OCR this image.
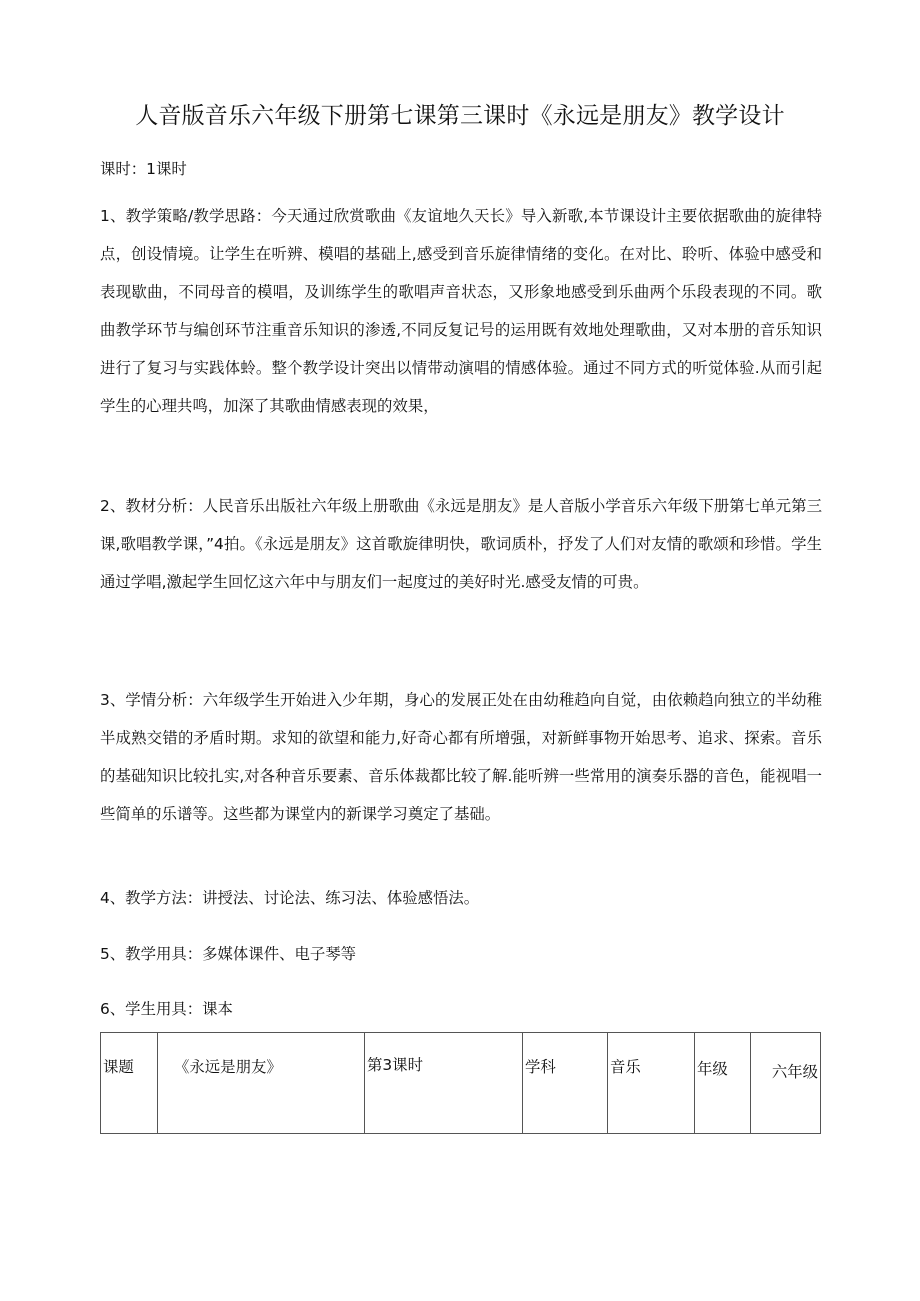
人音版音乐六年级下册第七课第三课时《永远是朋友》教学设计
课时：1课时

1、教学策略/教学思路：今天通过欣赏歌曲《友谊地久天长》导入新歌,本节课设计主要依据歌曲的旋律特点，创设情境。让学生在听辨、模唱的基础上,感受到音乐旋律情绪的变化。在对比、聆听、体验中感受和表现歇曲，不同母音的模唱，及训练学生的歌唱声音状态，又形象地感受到乐曲两个乐段表现的不同。歌曲教学环节与编创环节注重音乐知识的渗透,不同反复记号的运用既有效地处理歌曲，又对本册的音乐知识进行了复习与实践体蛉。整个教学设计突出以情带动演唱的情感体验。通过不同方式的听觉体验.从而引起学生的心理共鸣，加深了其歌曲情感表现的效果，

2、教材分析：人民音乐出版社六年级上册歌曲《永远是朋友》是人音版小学音乐六年级下册第七单元第三课,歌唱教学课，”4拍。《永远是朋友》这首歌旋律明快，歌词质朴，抒发了人们对友情的歌颂和珍惜。学生通过学唱,激起学生回忆这六年中与朋友们一起度过的美好时光.感受友情的可贵。

3、学情分析：六年级学生开始进入少年期，身心的发展正处在由幼稚趋向自觉，由依赖趋向独立的半幼稚半成熟交错的矛盾时期。求知的欲望和能力,好奇心都有所增强，对新鲜事物开始思考、追求、探索。音乐的基础知识比较扎实,对各种音乐要素、音乐体裁都比较了解.能听辨一些常用的演奏乐器的音色，能视唱一些简单的乐谱等。这些都为课堂内的新课学习奠定了基础。

4、教学方法：讲授法、讨论法、练习法、体验感悟法。
5、教学用具：多媒体课件、电子琴等
6、学生用具：课本
课题	《永远是朋友》	第3课时	学科	音乐	年级	六年级
